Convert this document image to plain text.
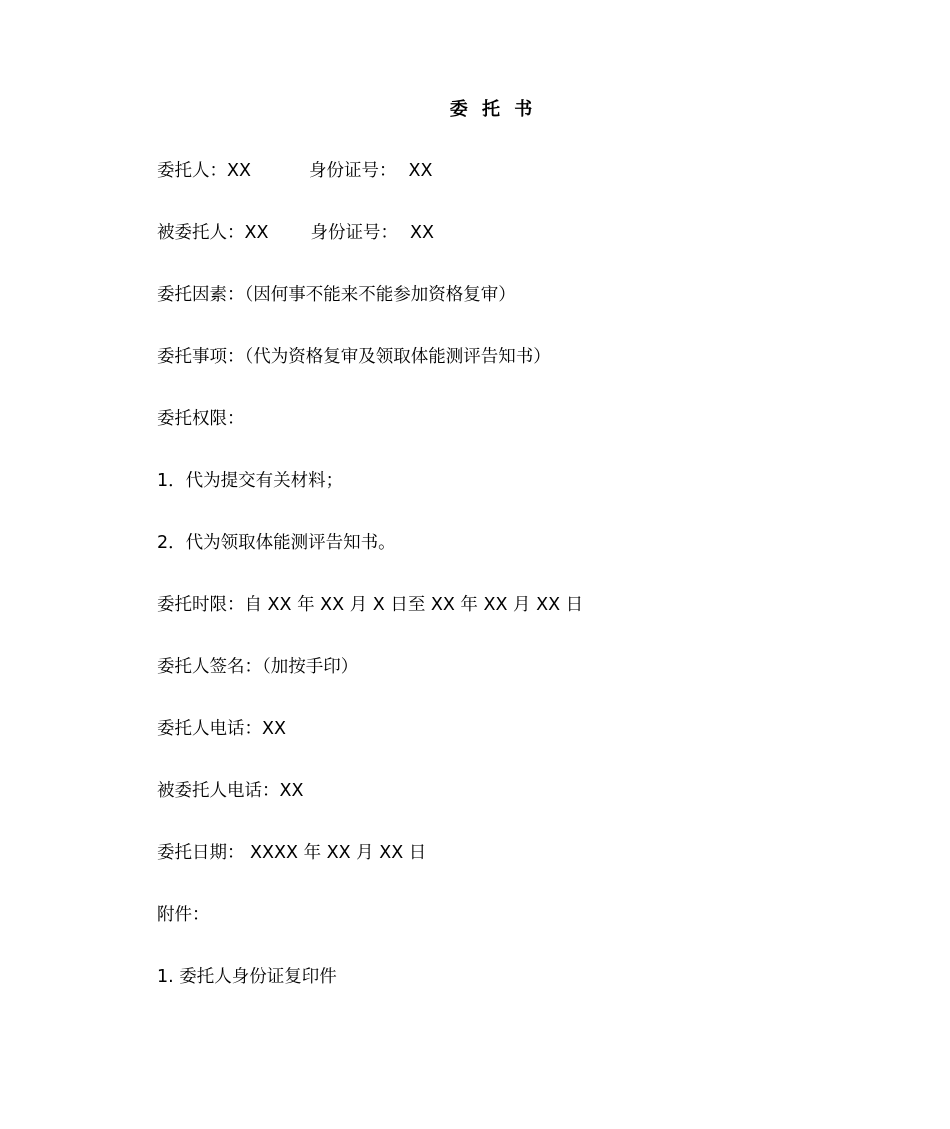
委 托 书
委托人：XX	身份证号： XX
被委托人：XX 身份证号： XX
委托因素：（因何事不能来不能参加资格复审）
委托事项：（代为资格复审及领取体能测评告知书）
委托权限：
1．代为提交有关材料；
2．代为领取体能测评告知书。
委托时限：自 XX 年 XX 月 X 日至 XX 年 XX 月 XX 日
委托人签名：（加按手印）
委托人电话：XX
被委托人电话：XX
委托日期： XXXX 年 XX 月 XX 日
附件：
1. 委托人身份证复印件
